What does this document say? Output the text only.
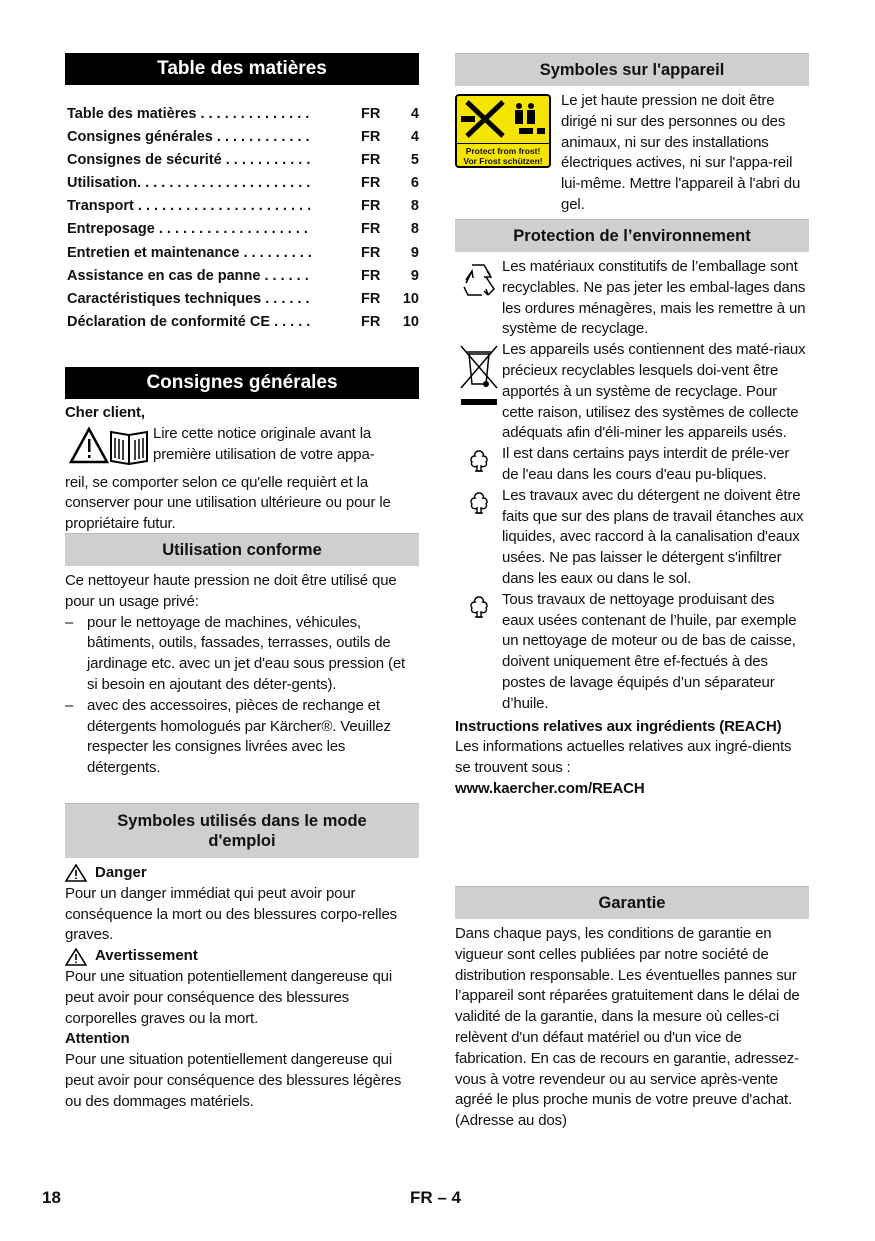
Table des matières
Table des matières . . . . . . . . . . . . . .	FR	4
Consignes générales . . . . . . . . . . . .	FR	4
Consignes de sécurité . . . . . . . . . . .	FR	5
Utilisation. . . . . . . . . . . . . . . . . . . . . .	FR	6
Transport . . . . . . . . . . . . . . . . . . . . . .	FR	8
Entreposage . . . . . . . . . . . . . . . . . . .	FR	8
Entretien et maintenance . . . . . . . . .	FR	9
Assistance en cas de panne . . . . . .	FR	9
Caractéristiques techniques . . . . . .	FR	10
Déclaration de conformité CE . . . . .	FR	10
Consignes générales

Cher client,

Lire cette notice originale avant la

première utilisation de votre appa-

reil, se comporter selon ce qu'elle requièrt et la conserver pour une utilisation ultérieure ou pour le propriétaire futur.

Utilisation conforme

Ce nettoyeur haute pression ne doit être utilisé que pour un usage privé:

– pour le nettoyage de machines, véhicules, bâtiments, outils, fassades, terrasses, outils de jardinage etc. avec un jet d'eau sous pression (et si besoin en ajoutant des déter-gents).

– avec des accessoires, pièces de rechange et détergents homologués par Kärcher®. Veuillez respecter les consignes livrées avec les détergents.

Symboles utilisés dans le mode d'emploi
Danger

Pour un danger immédiat qui peut avoir pour conséquence la mort ou des blessures corpo-relles graves.

Avertissement

Pour une situation potentiellement dangereuse qui peut avoir pour conséquence des blessures corporelles graves ou la mort.

Attention

Pour une situation potentiellement dangereuse qui peut avoir pour conséquence des blessures légères ou des dommages matériels.

Symboles sur l'appareil
Protect from frost!
Vor Frost schützen!

Le jet haute pression ne doit être dirigé ni sur des personnes ou des animaux, ni sur des installations électriques actives, ni sur l'appa-reil lui-même. Mettre l'appareil à l'abri du gel.

Protection de l’environnement

Les matériaux constitutifs de l’emballage sont recyclables. Ne pas jeter les embal-lages dans les ordures ménagères, mais les remettre à un système de recyclage.

Les appareils usés contiennent des maté-riaux précieux recyclables lesquels doi-vent être apportés à un système de recyclage. Pour cette raison, utilisez des systèmes de collecte adéquats afin d'éli-miner les appareils usés.

Il est dans certains pays interdit de préle-ver de l'eau dans les cours d'eau pu-bliques.

Les travaux avec du détergent ne doivent être faits que sur des plans de travail étanches aux liquides, avec raccord à la canalisation d'eaux usées. Ne pas laisser le détergent s'infiltrer dans les eaux ou dans le sol.

Tous travaux de nettoyage produisant des eaux usées contenant de l’huile, par exemple un nettoyage de moteur ou de bas de caisse, doivent uniquement être ef-fectués à des postes de lavage équipés d’un séparateur d’huile.

Instructions relatives aux ingrédients (REACH)

Les informations actuelles relatives aux ingré-dients se trouvent sous :

www.kaercher.com/REACH

Garantie

Dans chaque pays, les conditions de garantie en vigueur sont celles publiées par notre société de distribution responsable. Les éventuelles pannes sur l’appareil sont réparées gratuitement dans le délai de validité de la garantie, dans la mesure où celles-ci relèvent d'un défaut matériel ou d'un vice de fabrication. En cas de recours en garantie, adressez-vous à votre revendeur ou au service après-vente agréé le plus proche munis de votre preuve d'achat.

(Adresse au dos)

18	FR – 4
